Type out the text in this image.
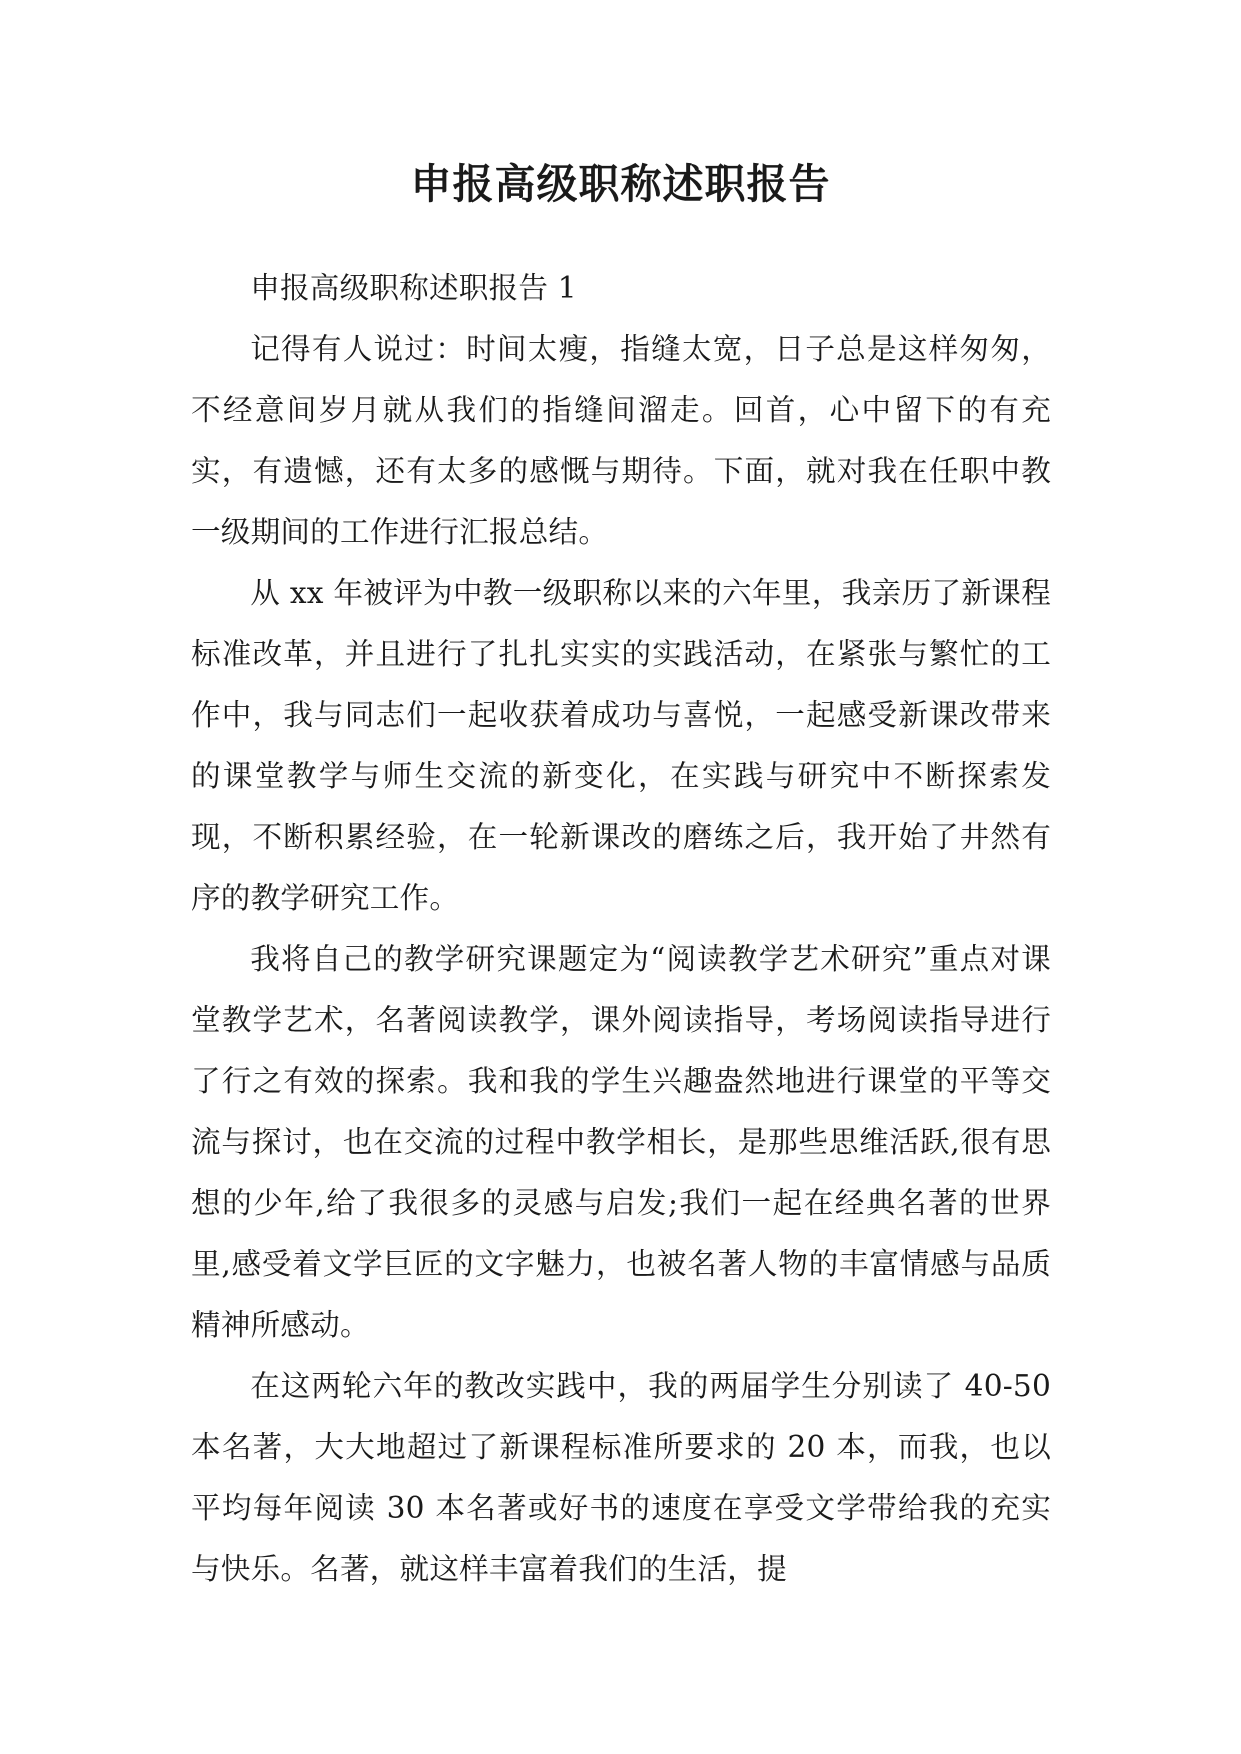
申报高级职称述职报告

申报高级职称述职报告 1

记得有人说过：时间太瘦，指缝太宽，日子总是这样匆匆，不经意间岁月就从我们的指缝间溜走。回首，心中留下的有充实，有遗憾，还有太多的感慨与期待。下面，就对我在任职中教一级期间的工作进行汇报总结。

从 xx 年被评为中教一级职称以来的六年里，我亲历了新课程标准改革，并且进行了扎扎实实的实践活动，在紧张与繁忙的工作中，我与同志们一起收获着成功与喜悦，一起感受新课改带来的课堂教学与师生交流的新变化，在实践与研究中不断探索发现，不断积累经验，在一轮新课改的磨练之后，我开始了井然有序的教学研究工作。

我将自己的教学研究课题定为“阅读教学艺术研究”重点对课堂教学艺术，名著阅读教学，课外阅读指导，考场阅读指导进行了行之有效的探索。我和我的学生兴趣盎然地进行课堂的平等交流与探讨，也在交流的过程中教学相长，是那些思维活跃,很有思想的少年,给了我很多的灵感与启发;我们一起在经典名著的世界里,感受着文学巨匠的文字魅力，也被名著人物的丰富情感与品质精神所感动。

在这两轮六年的教改实践中，我的两届学生分别读了 40-50 本名著，大大地超过了新课程标准所要求的 20 本，而我，也以平均每年阅读 30 本名著或好书的速度在享受文学带给我的充实与快乐。名著，就这样丰富着我们的生活，提
